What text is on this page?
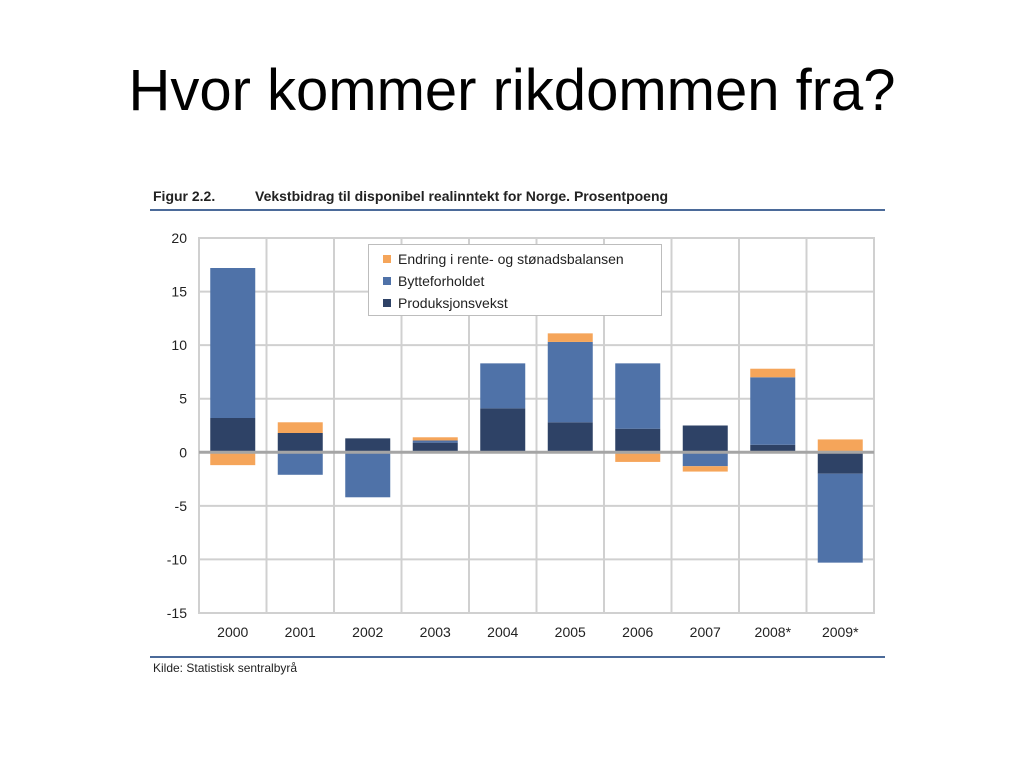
Hvor kommer rikdommen fra?
Figur 2.2.	Vekstbidrag til disponibel realinntekt for Norge. Prosentpoeng
20
15
10
5
0
-5
-10
-15
2000	2001	2002	2003	2004	2005	2006	2007 2008* 2009*
Endring i rente- og stønadsbalansen
Bytteforholdet
Produksjonsvekst
Kilde: Statistisk sentralbyrå
